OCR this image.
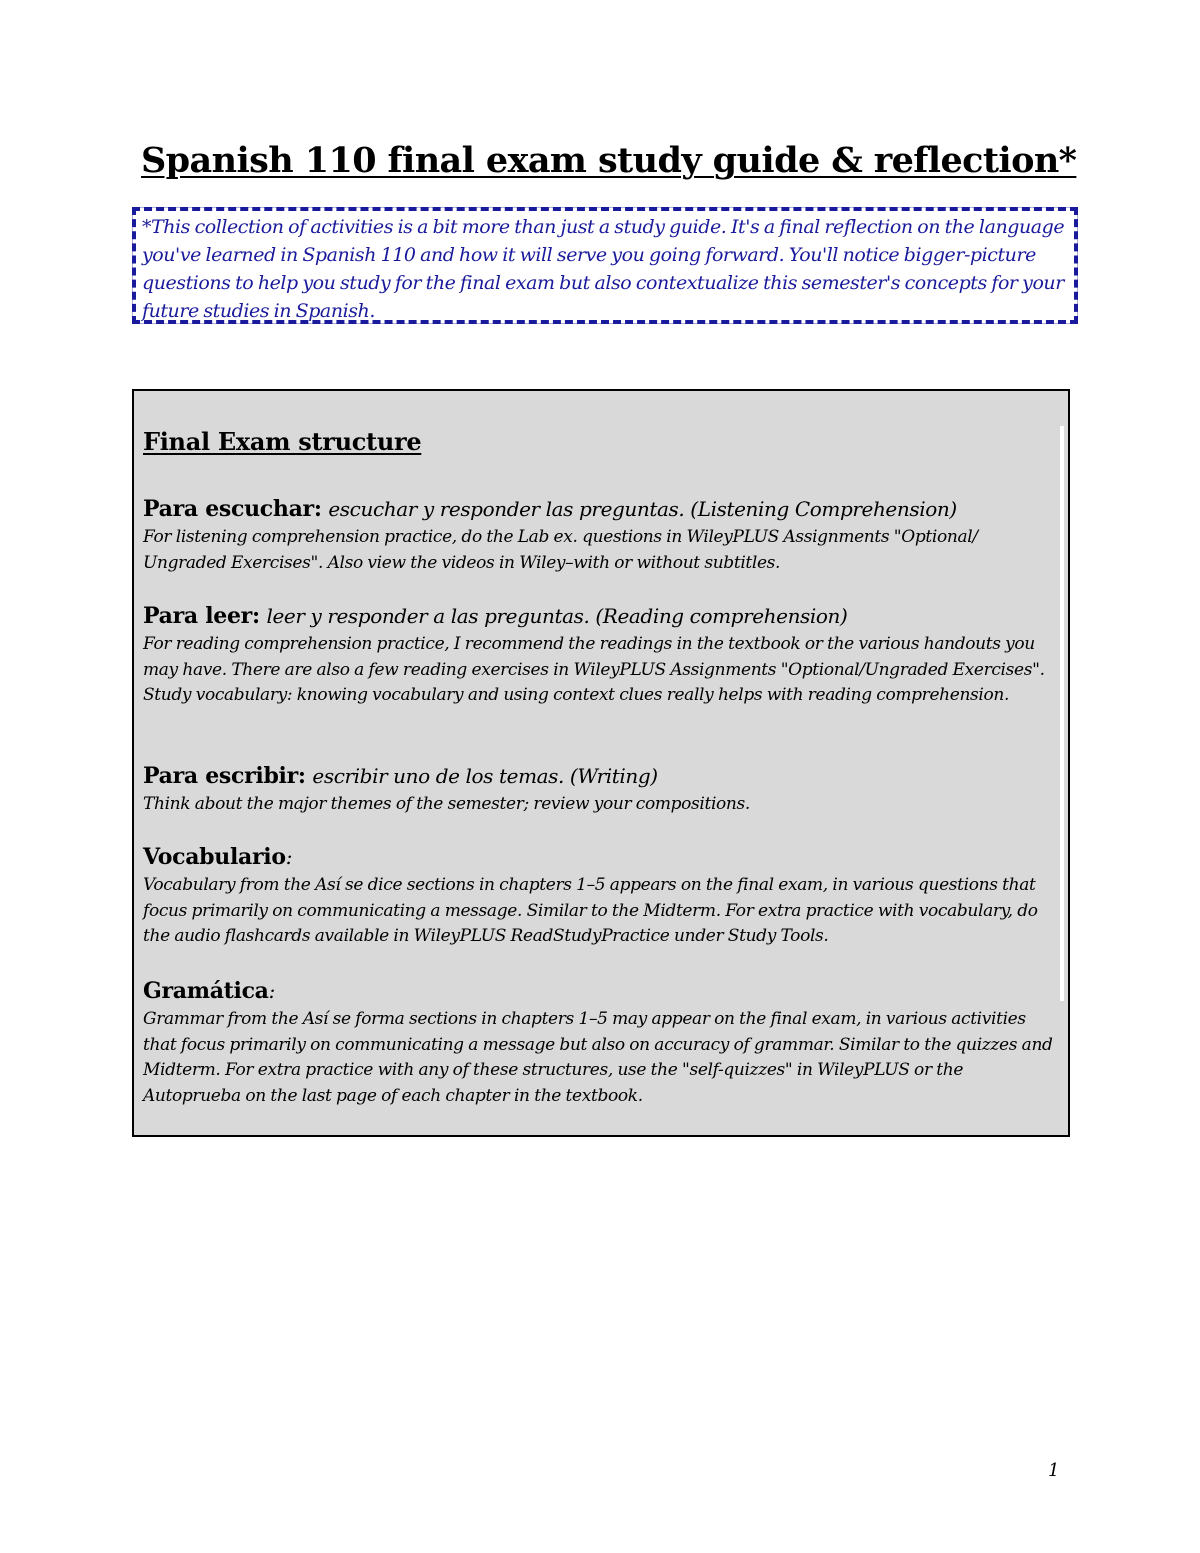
Spanish 110 final exam study guide & reflection*

*This collection of activities is a bit more than just a study guide. It's a final reflection on the language you've learned in Spanish 110 and how it will serve you going forward. You'll notice bigger-picture questions to help you study for the final exam but also contextualize this semester's concepts for your future studies in Spanish.

Final Exam structure

Para escuchar: escuchar y responder las preguntas. (Listening Comprehension)

For listening comprehension practice, do the Lab ex. questions in WileyPLUS Assignments "Optional/ Ungraded Exercises". Also view the videos in Wiley–with or without subtitles.

Para leer: leer y responder a las preguntas. (Reading comprehension)

For reading comprehension practice, I recommend the readings in the textbook or the various handouts you may have. There are also a few reading exercises in WileyPLUS Assignments "Optional/Ungraded Exercises". Study vocabulary: knowing vocabulary and using context clues really helps with reading comprehension.

Para escribir: escribir uno de los temas. (Writing)

Think about the major themes of the semester; review your compositions.

Vocabulario:

Vocabulary from the Así se dice sections in chapters 1–5 appears on the final exam, in various questions that focus primarily on communicating a message. Similar to the Midterm. For extra practice with vocabulary, do the audio flashcards available in WileyPLUS ReadStudyPractice under Study Tools.

Gramática:

Grammar from the Así se forma sections in chapters 1–5 may appear on the final exam, in various activities that focus primarily on communicating a message but also on accuracy of grammar. Similar to the quizzes and Midterm. For extra practice with any of these structures, use the "self-quizzes" in WileyPLUS or the Autoprueba on the last page of each chapter in the textbook.

1
